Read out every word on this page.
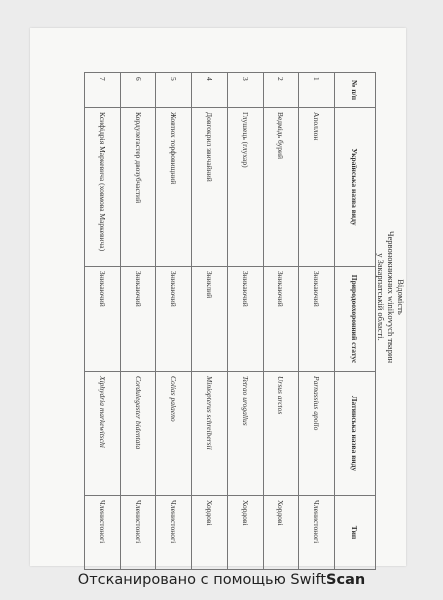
Відомість
Червонокнижних winikovych тварин
у Закарпатській області.
№ п/п	Українська назва виду	Природоохоронний статус	Латинська назва виду	Тип
1	Аполлон	Зникаючий	Parnassius apollo	Членистоногі
2	Ведмідь бурий	Зникаючий	Ursus arctos	Хордові
3	Глушець (глухар)	Зникаючий	Tetrao urogallus	Хордові
4	Довгокрил звичайний	Зниклий	Miniopterus schreibersii	Хордові
5	Жовтюх торфовищний	Зникаючий	Colias palaeno	Членистоногі
6	Кордулегастер двозубчастий	Зникаючий	Cordulegaster bidentata	Членистоногі
7	Ксифідрія Маркевича (ховмова Маркевича)	Зникаючий	Xiphydria markewitschi	Членистоногі
Отсканировано с помощью SwiftScan
